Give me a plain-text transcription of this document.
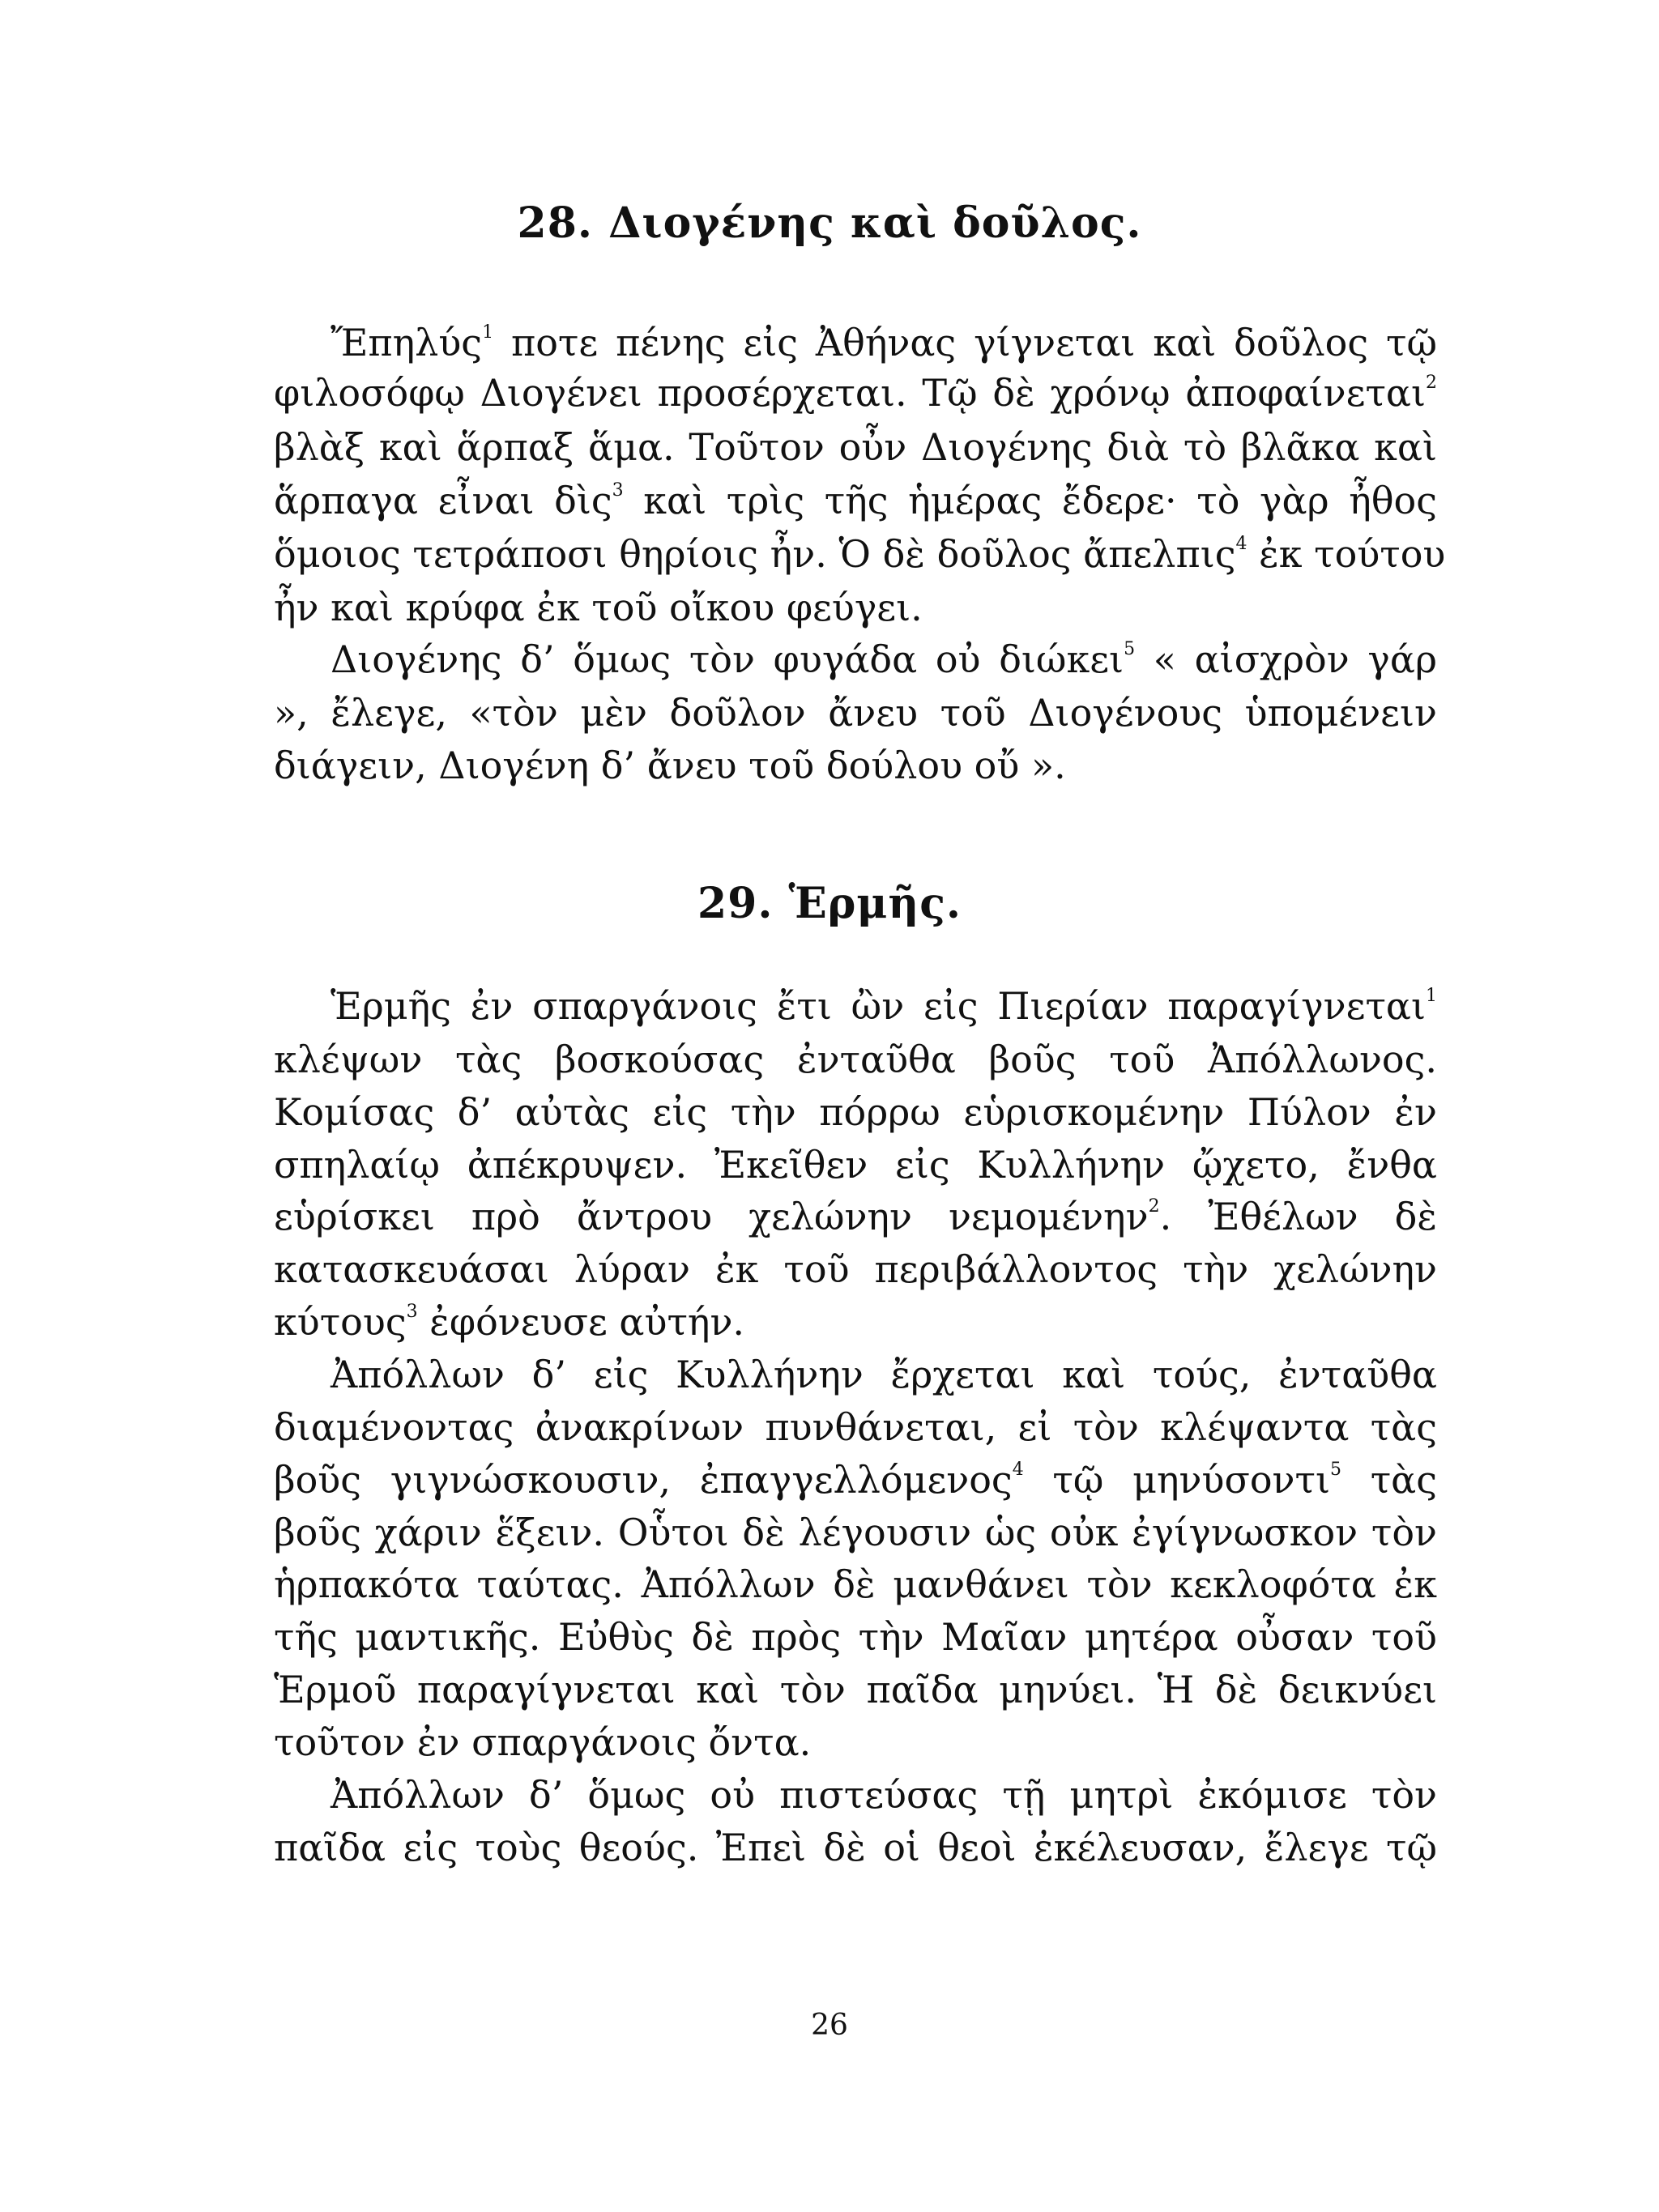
28. Διογένης καὶ δοῦλος.
Ἔπηλύς$^1$ ποτε πένης εἰς Ἀθήνας γίγνεται καὶ δοῦλος τῷ
φιλοσόφῳ Διογένει προσέρχεται. Τῷ δὲ χρόνῳ ἀποφαίνεται$^2$
βλὰξ καὶ ἅρπαξ ἅμα. Τοῦτον οὖν Διογένης διὰ τὸ βλᾶκα καὶ
ἅρπαγα εἶναι δὶς$^3$ καὶ τρὶς τῆς ἡμέρας ἔδερε· τὸ γὰρ ἦθος
ὅμοιος τετράποσι θηρίοις ἦν. Ὁ δὲ δοῦλος ἄπελπις$^4$ ἐκ τούτου
ἦν καὶ κρύφα ἐκ τοῦ οἴκου φεύγει.
Διογένης δ’ ὅμως τὸν φυγάδα οὐ διώκει$^5$ « αἰσχρὸν γάρ
», ἔλεγε, «τὸν μὲν δοῦλον ἄνευ τοῦ Διογένους ὑπομένειν
διάγειν, Διογένη δ’ ἄνευ τοῦ δούλου οὔ ».
29. Ἑρμῆς.
Ἑρμῆς ἐν σπαργάνοις ἔτι ὢν εἰς Πιερίαν παραγίγνεται$^1$
κλέψων τὰς βοσκούσας ἐνταῦθα βοῦς τοῦ Ἀπόλλωνος.
Κομίσας δ’ αὐτὰς εἰς τὴν πόρρω εὑρισκομένην Πύλον ἐν
σπηλαίῳ ἀπέκρυψεν. Ἐκεῖθεν εἰς Κυλλήνην ᾤχετο, ἔνθα
εὑρίσκει πρὸ ἄντρου χελώνην νεμομένην$^2$. Ἐθέλων δὲ
κατασκευάσαι λύραν ἐκ τοῦ περιβάλλοντος τὴν χελώνην
κύτους$^3$ ἐφόνευσε αὐτήν.
Ἀπόλλων δ’ εἰς Κυλλήνην ἔρχεται καὶ τούς, ἐνταῦθα
διαμένοντας ἀνακρίνων πυνθάνεται, εἰ τὸν κλέψαντα τὰς
βοῦς γιγνώσκουσιν, ἐπαγγελλόμενος$^4$ τῷ μηνύσοντι$^5$ τὰς
βοῦς χάριν ἕξειν. Οὗτοι δὲ λέγουσιν ὡς οὐκ ἐγίγνωσκον τὸν
ἡρπακότα ταύτας. Ἀπόλλων δὲ μανθάνει τὸν κεκλοφότα ἐκ
τῆς μαντικῆς. Εὐθὺς δὲ πρὸς τὴν Μαῖαν μητέρα οὖσαν τοῦ
Ἑρμοῦ παραγίγνεται καὶ τὸν παῖδα μηνύει. Ἡ δὲ δεικνύει
τοῦτον ἐν σπαργάνοις ὄντα.
Ἀπόλλων δ’ ὅμως οὐ πιστεύσας τῇ μητρὶ ἐκόμισε τὸν
παῖδα εἰς τοὺς θεούς. Ἐπεὶ δὲ οἱ θεοὶ ἐκέλευσαν, ἔλεγε τῷ
26
